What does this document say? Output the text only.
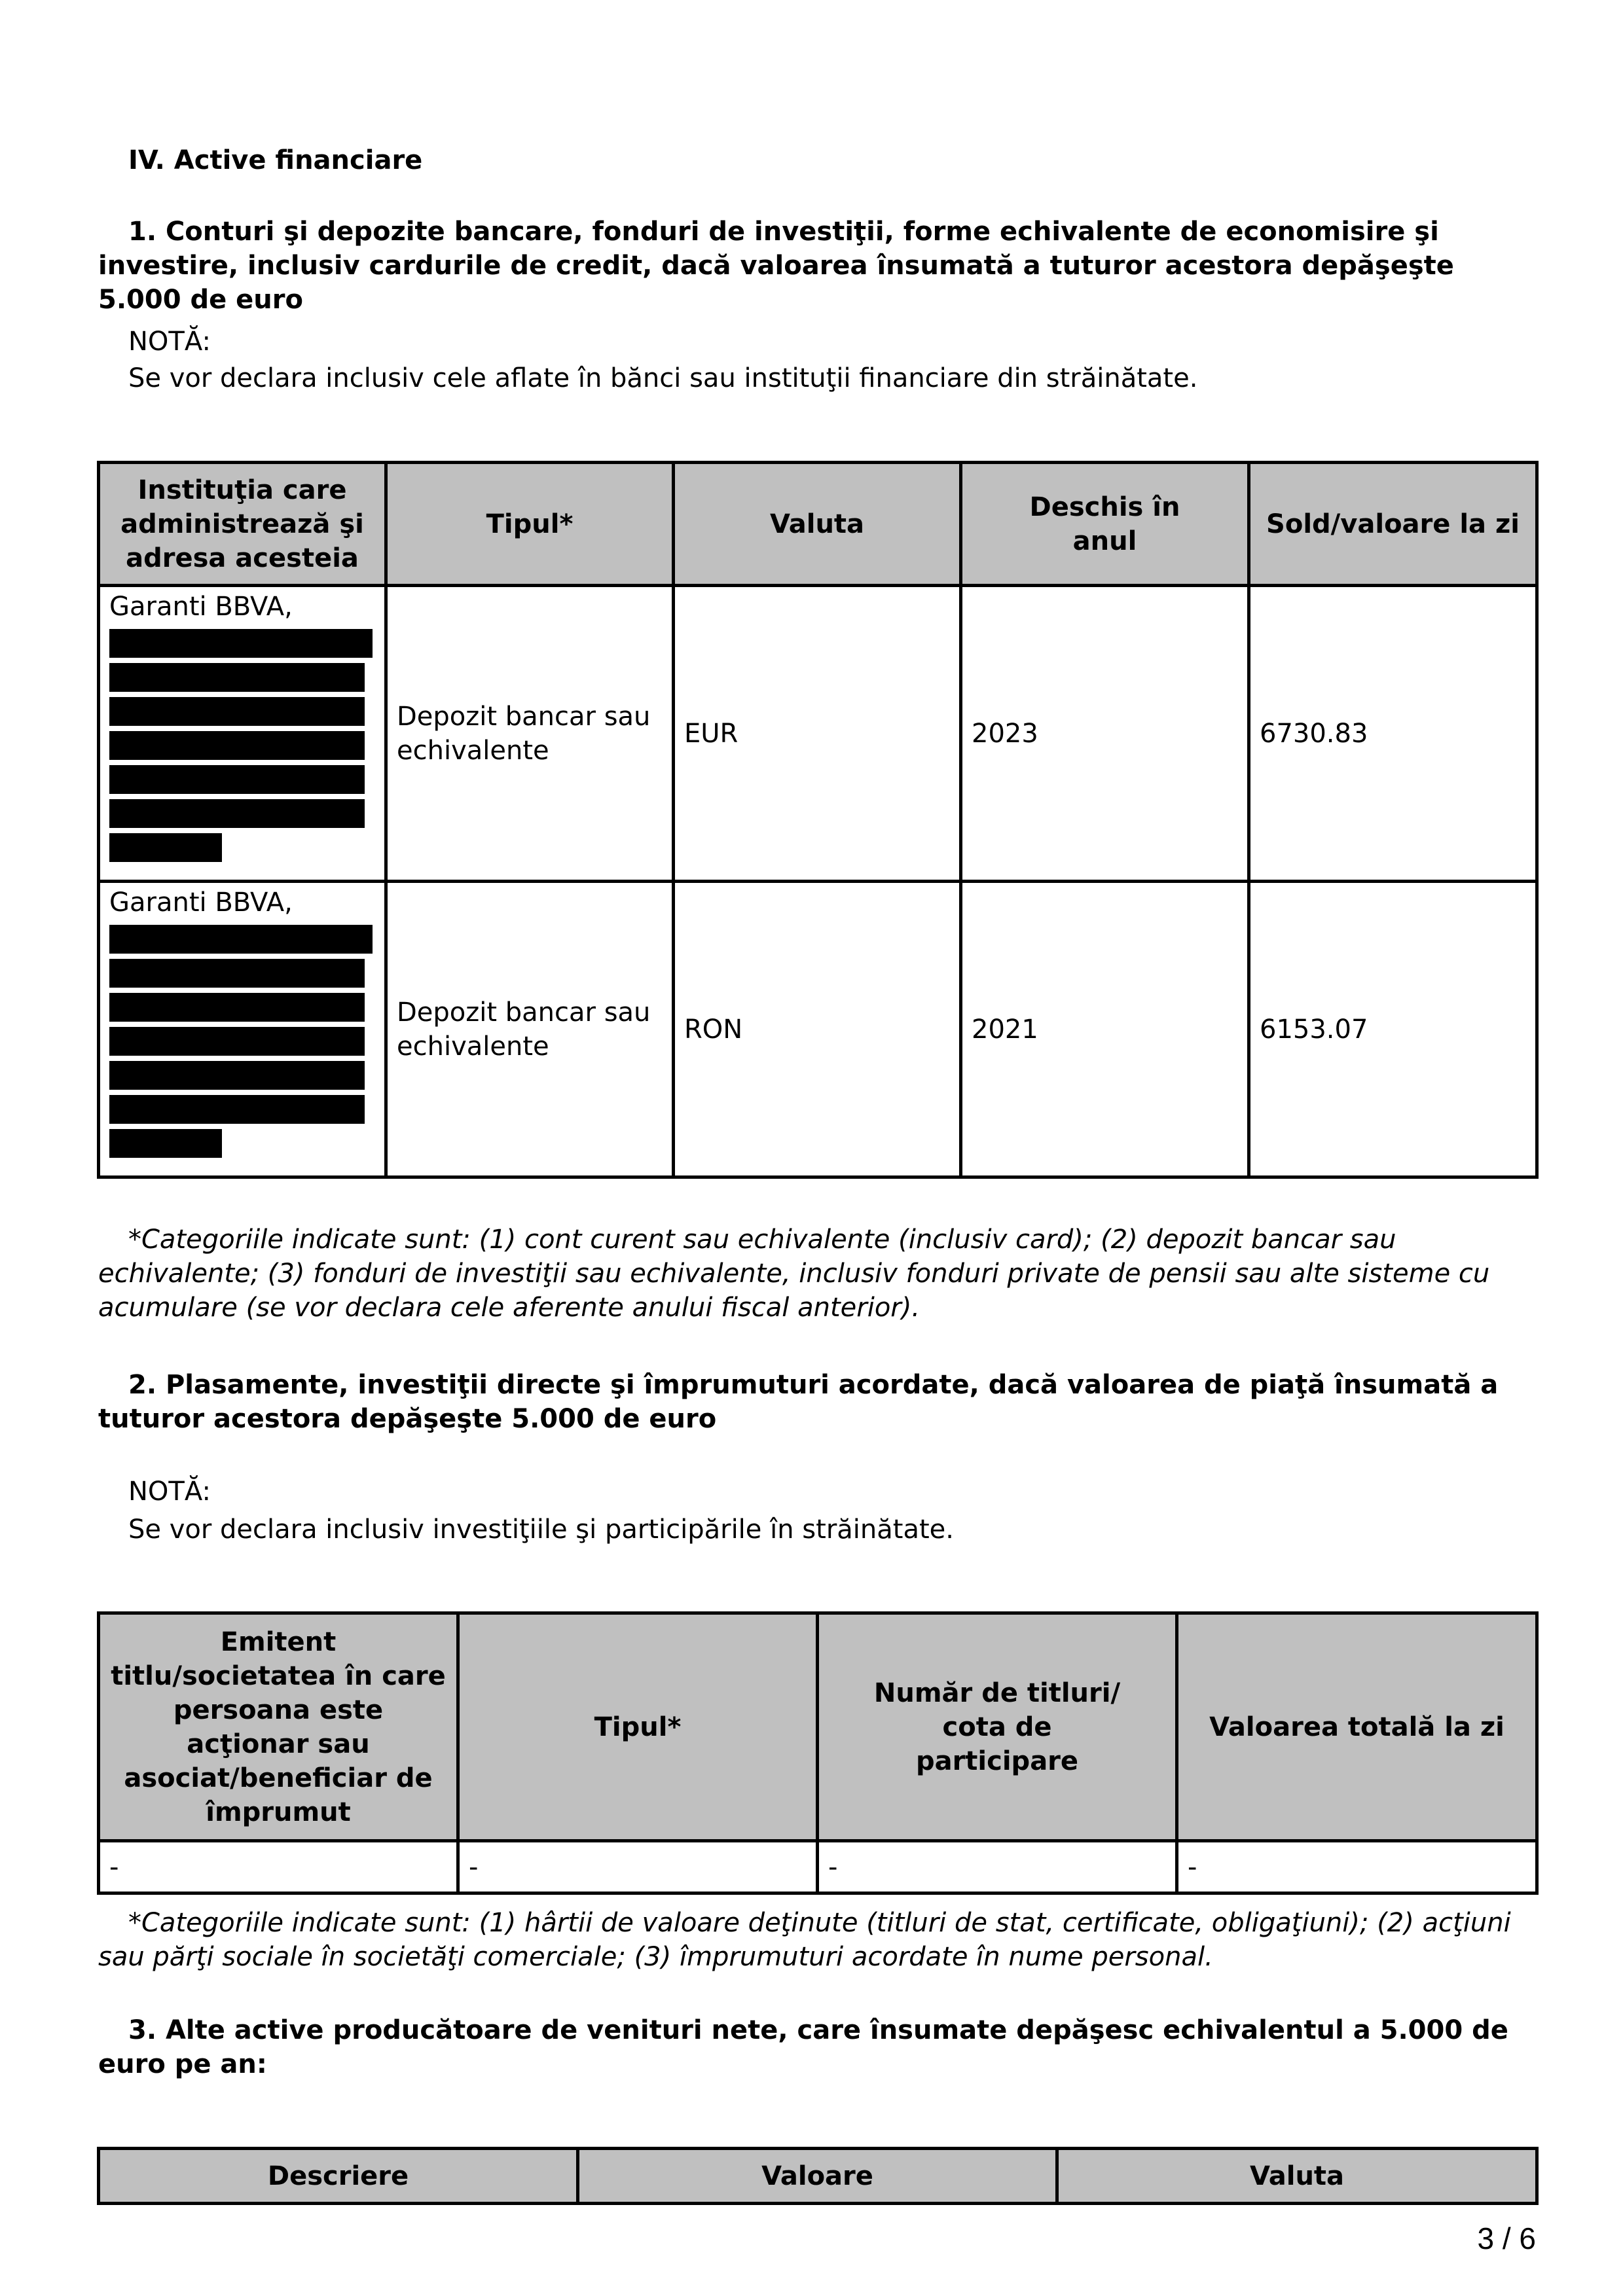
IV. Active financiare
1. Conturi şi depozite bancare, fonduri de investiţii, forme echivalente de economisire şi investire, inclusiv cardurile de credit, dacă valoarea însumată a tuturor acestora depăşeşte 5.000 de euro
NOTĂ:
Se vor declara inclusiv cele aflate în bănci sau instituţii financiare din străinătate.
Instituţia care administrează şi adresa acesteia	Tipul*	Valuta	Deschis în anul	Sold/valoare la zi

Garanti BBVA,	Depozit bancar sau echivalente	EUR	2023	6730.83

Garanti BBVA,	Depozit bancar sau echivalente	RON	2021	6153.07
*Categoriile indicate sunt: (1) cont curent sau echivalente (inclusiv card); (2) depozit bancar sau echivalente; (3) fonduri de investiţii sau echivalente, inclusiv fonduri private de pensii sau alte sisteme cu acumulare (se vor declara cele aferente anului fiscal anterior).
2. Plasamente, investiţii directe şi împrumuturi acordate, dacă valoarea de piaţă însumată a tuturor acestora depăşeşte 5.000 de euro
NOTĂ:
Se vor declara inclusiv investiţiile şi participările în străinătate.
Emitent titlu/societatea în care persoana este acţionar sau asociat/beneficiar de împrumut	Tipul*	Număr de titluri/ cota de participare	Valoarea totală la zi
-	-	-	-
*Categoriile indicate sunt: (1) hârtii de valoare deţinute (titluri de stat, certificate, obligaţiuni); (2) acţiuni sau părţi sociale în societăţi comerciale; (3) împrumuturi acordate în nume personal.
3. Alte active producătoare de venituri nete, care însumate depăşesc echivalentul a 5.000 de euro pe an:
Descriere	Valoare	Valuta
3 / 6
